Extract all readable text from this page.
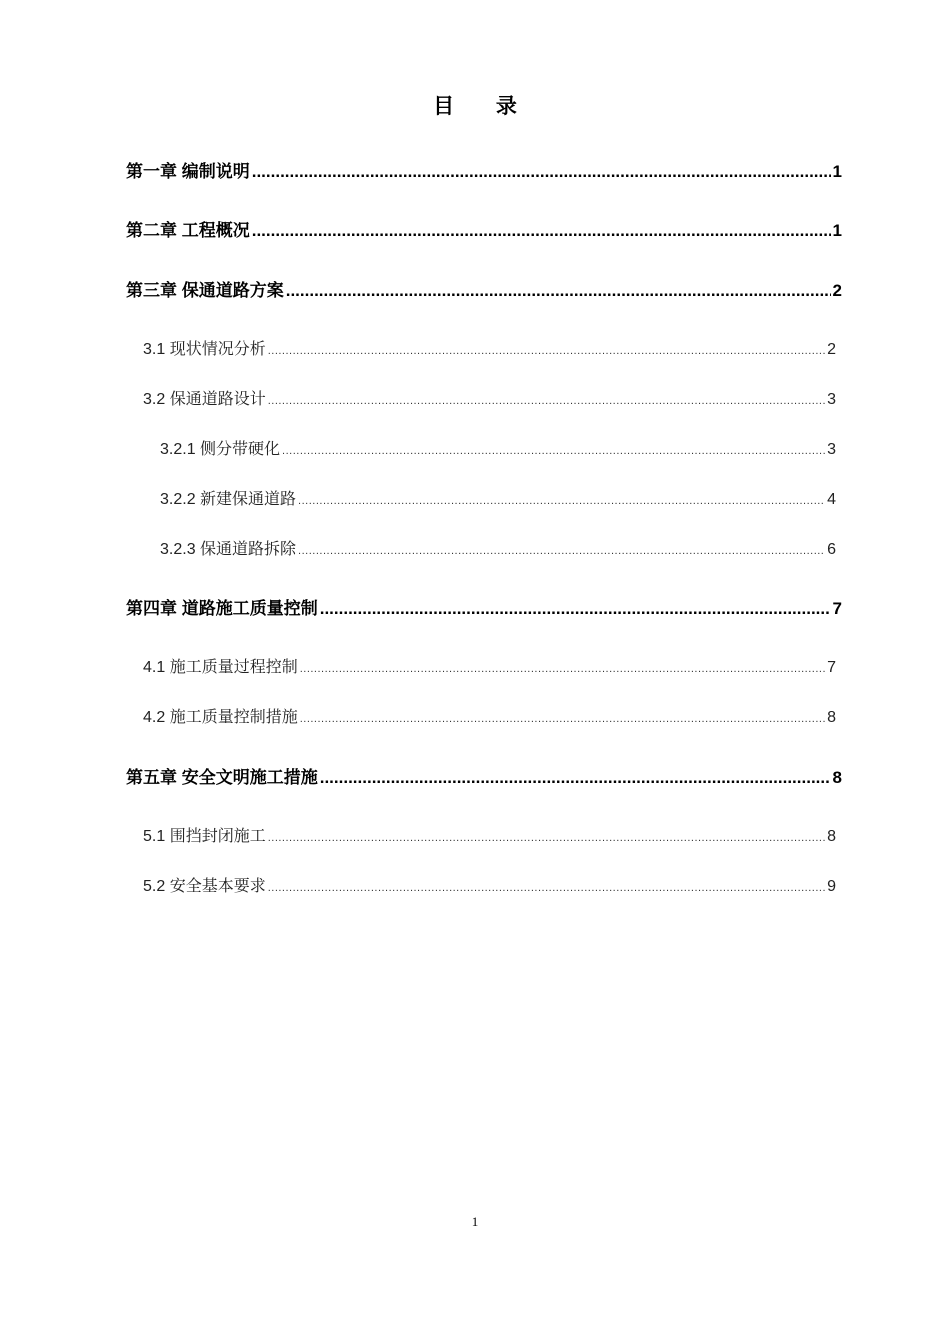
目 录
第一章 编制说明 .....	1
第二章 工程概况 .....	1
第三章 保通道路方案 .....	2
3.1 现状情况分析 .....	2
3.2 保通道路设计 .....	3
3.2.1 侧分带硬化 .....	3
3.2.2 新建保通道路 .....	4
3.2.3 保通道路拆除 .....	6
第四章 道路施工质量控制 .....	7
4.1 施工质量过程控制 .....	7
4.2 施工质量控制措施 .....	8
第五章 安全文明施工措施 .....	8
5.1 围挡封闭施工 .....	8
5.2 安全基本要求 .....	9
1
